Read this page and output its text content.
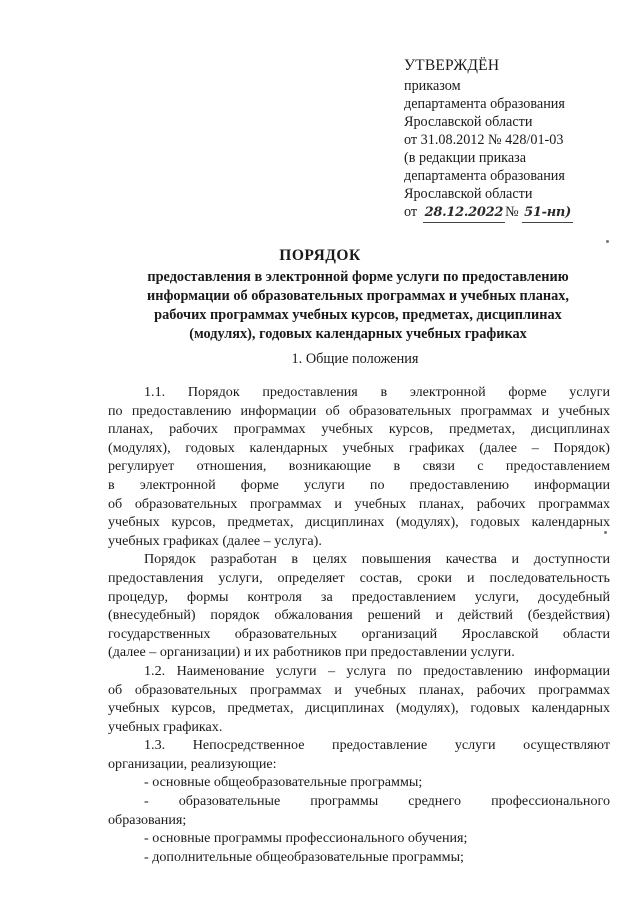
УТВЕРЖДЁН
приказом
департамента образования
Ярославской области
от 31.08.2012 № 428/01-03
(в редакции приказа
департамента образования
Ярославской области
от 28.12.2022 № 51-нп)
ПОРЯДОК
предоставления в электронной форме услуги по предоставлению
информации об образовательных программах и учебных планах,
рабочих программах учебных курсов, предметах, дисциплинах
(модулях), годовых календарных учебных графиках
1. Общие положения
1.1. Порядок предоставления в электронной форме услуги
по предоставлению информации об образовательных программах и учебных
планах, рабочих программах учебных курсов, предметах, дисциплинах
(модулях), годовых календарных учебных графиках (далее – Порядок)
регулирует отношения, возникающие в связи с предоставлением
в электронной форме услуги по предоставлению информации
об образовательных программах и учебных планах, рабочих программах
учебных курсов, предметах, дисциплинах (модулях), годовых календарных
учебных графиках (далее – услуга).
Порядок разработан в целях повышения качества и доступности
предоставления услуги, определяет состав, сроки и последовательность
процедур, формы контроля за предоставлением услуги, досудебный
(внесудебный) порядок обжалования решений и действий (бездействия)
государственных образовательных организаций Ярославской области
(далее – организации) и их работников при предоставлении услуги.
1.2. Наименование услуги – услуга по предоставлению информации
об образовательных программах и учебных планах, рабочих программах
учебных курсов, предметах, дисциплинах (модулях), годовых календарных
учебных графиках.
1.3. Непосредственное предоставление услуги осуществляют
организации, реализующие:
- основные общеобразовательные программы;
- образовательные программы среднего профессионального
образования;
- основные программы профессионального обучения;
- дополнительные общеобразовательные программы;
